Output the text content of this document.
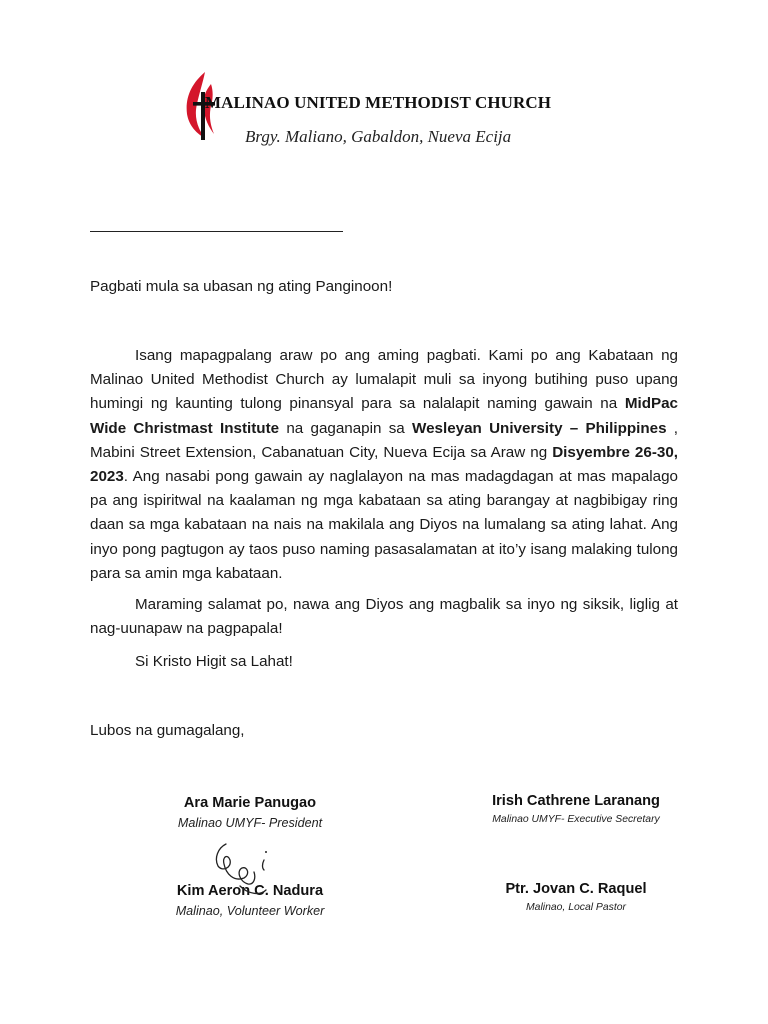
MALINAO UNITED METHODIST CHURCH
Brgy. Maliano, Gabaldon, Nueva Ecija
Pagbati mula sa ubasan ng ating Panginoon!
Isang mapagpalang araw po ang aming pagbati. Kami po ang Kabataan ng Malinao United Methodist Church ay lumalapit muli sa inyong butihing puso upang humingi ng kaunting tulong pinansyal para sa nalalapit naming gawain na MidPac Wide Christmast Institute na gaganapin sa Wesleyan University – Philippines , Mabini Street Extension, Cabanatuan City, Nueva Ecija sa Araw ng Disyembre 26-30, 2023. Ang nasabi pong gawain ay naglalayon na mas madagdagan at mas mapalago pa ang ispiritwal na kaalaman ng mga kabataan sa ating barangay at nagbibigay ring daan sa mga kabataan na nais na makilala ang Diyos na lumalang sa ating lahat. Ang inyo pong pagtugon ay taos puso naming pasasalamatan at ito’y isang malaking tulong para sa amin mga kabataan.
Maraming salamat po, nawa ang Diyos ang magbalik sa inyo ng siksik, liglig at nag-uunapaw na pagpapala!
Si Kristo Higit sa Lahat!
Lubos na gumagalang,
Ara Marie Panugao
Malinao UMYF- President
Irish Cathrene Laranang
Malinao UMYF- Executive Secretary
Kim Aeron C. Nadura
Malinao, Volunteer Worker
Ptr. Jovan C. Raquel
Malinao, Local Pastor
